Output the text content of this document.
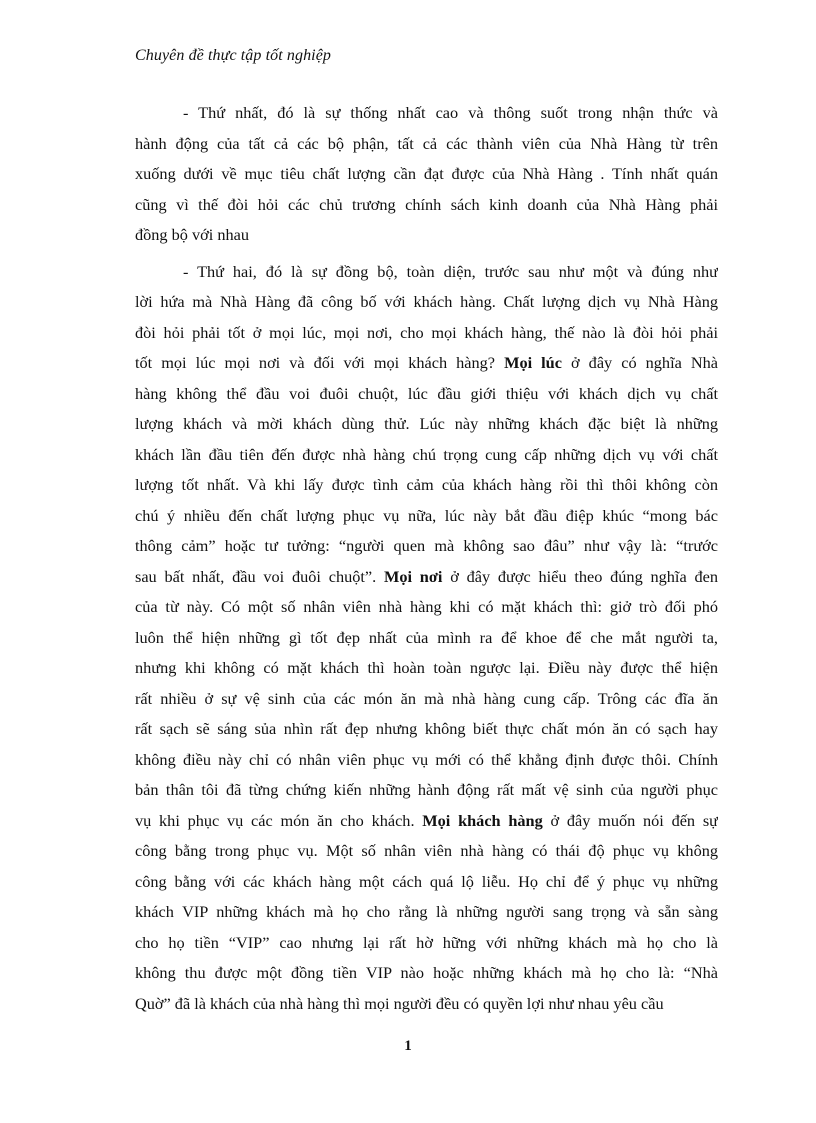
Chuyên đề thực tập tốt nghiệp
- Thứ nhất, đó là sự thống nhất cao và thông suốt trong nhận thức và
hành động của tất cả các bộ phận, tất cả các thành viên của Nhà Hàng từ trên
xuống dưới về mục tiêu chất lượng cần đạt được của Nhà Hàng . Tính nhất quán
cũng vì thế đòi hỏi các chủ trương chính sách kinh doanh của Nhà Hàng phải
đồng bộ với nhau
- Thứ hai, đó là sự đồng bộ, toàn diện, trước sau như một và đúng như
lời hứa mà Nhà Hàng đã công bố với khách hàng. Chất lượng dịch vụ Nhà Hàng
đòi hỏi phải tốt ở mọi lúc, mọi nơi, cho mọi khách hàng, thế nào là đòi hỏi phải
tốt mọi lúc mọi nơi và đối với mọi khách hàng? Mọi lúc ở đây có nghĩa Nhà
hàng không thể đầu voi đuôi chuột, lúc đầu giới thiệu với khách dịch vụ chất
lượng khách và mời khách dùng thử. Lúc này những khách đặc biệt là những
khách lần đầu tiên đến được nhà hàng chú trọng cung cấp những dịch vụ với chất
lượng tốt nhất. Và khi lấy được tình cảm của khách hàng rồi thì thôi không còn
chú ý nhiều đến chất lượng phục vụ nữa, lúc này bắt đầu điệp khúc “mong bác
thông cảm” hoặc tư tưởng: “người quen mà không sao đâu” như vậy là: “trước
sau bất nhất, đầu voi đuôi chuột”. Mọi nơi ở đây được hiểu theo đúng nghĩa đen
của từ này. Có một số nhân viên nhà hàng khi có mặt khách thì: giở trò đối phó
luôn thể hiện những gì tốt đẹp nhất của mình ra để khoe để che mắt người ta,
nhưng khi không có mặt khách thì hoàn toàn ngược lại. Điều này được thể hiện
rất nhiều ở sự vệ sinh của các món ăn mà nhà hàng cung cấp. Trông các đĩa ăn
rất sạch sẽ sáng sủa nhìn rất đẹp nhưng không biết thực chất món ăn có sạch hay
không điều này chỉ có nhân viên phục vụ mới có thể khẳng định được thôi. Chính
bản thân tôi đã từng chứng kiến những hành động rất mất vệ sinh của người phục
vụ khi phục vụ các món ăn cho khách. Mọi khách hàng ở đây muốn nói đến sự
công bằng trong phục vụ. Một số nhân viên nhà hàng có thái độ phục vụ không
công bằng với các khách hàng một cách quá lộ liễu. Họ chỉ để ý phục vụ những
khách VIP những khách mà họ cho rằng là những người sang trọng và sẵn sàng
cho họ tiền “VIP” cao nhưng lại rất hờ hững với những khách mà họ cho là
không thu được một đồng tiền VIP nào hoặc những khách mà họ cho là: “Nhà
Quờ” đã là khách của nhà hàng thì mọi người đều có quyền lợi như nhau yêu cầu
1
